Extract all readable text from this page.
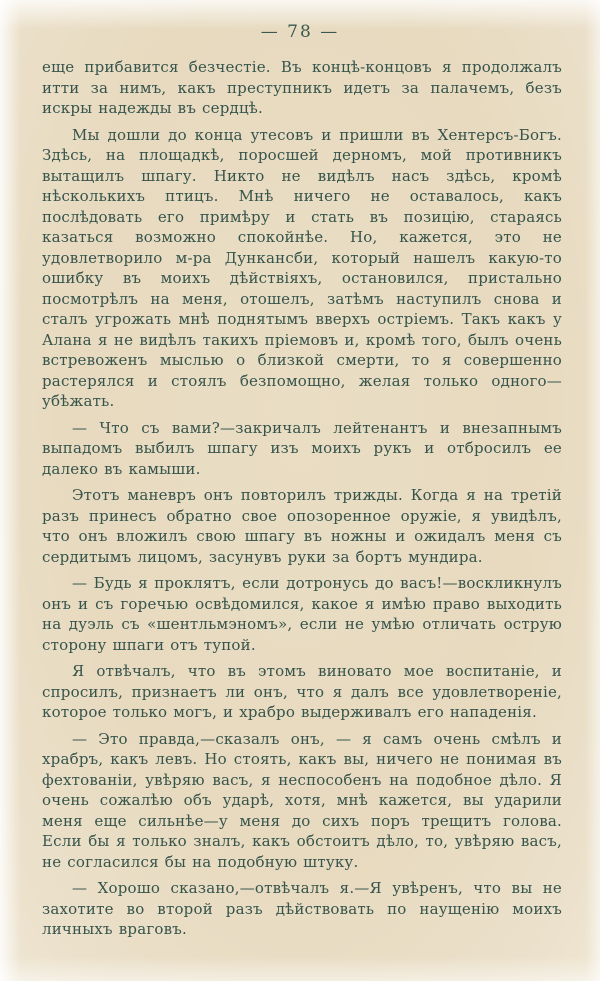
— 78 —

еще прибавится безчестіе. Въ концѣ-концовъ я продолжалъ итти за нимъ, какъ преступникъ идетъ за палачемъ, безъ искры надежды въ сердцѣ.

Мы дошли до конца утесовъ и пришли въ Хентерсъ-Богъ. Здѣсь, на площадкѣ, поросшей дерномъ, мой противникъ вытащилъ шпагу. Никто не видѣлъ насъ здѣсь, кромѣ нѣсколькихъ птицъ. Мнѣ ничего не оставалось, какъ послѣдовать его примѣру и стать въ позицію, стараясь казаться возможно спокойнѣе. Но, кажется, это не удовлетворило м-ра Дункансби, который нашелъ какую-то ошибку въ моихъ дѣйствіяхъ, остановился, пристально посмотрѣлъ на меня, отошелъ, затѣмъ наступилъ снова и сталъ угрожать мнѣ поднятымъ вверхъ остріемъ. Такъ какъ у Алана я не видѣлъ такихъ пріемовъ и, кромѣ того, былъ очень встревоженъ мыслью о близкой смерти, то я совершенно растерялся и стоялъ безпомощно, желая только одного—убѣжать.

— Что съ вами?—закричалъ лейтенантъ и внезапнымъ выпадомъ выбилъ шпагу изъ моихъ рукъ и отбросилъ ее далеко въ камыши.

Этотъ маневръ онъ повторилъ трижды. Когда я на третій разъ принесъ обратно свое опозоренное оружіе, я увидѣлъ, что онъ вложилъ свою шпагу въ ножны и ожидалъ меня съ сердитымъ лицомъ, засунувъ руки за бортъ мундира.

— Будь я проклятъ, если дотронусь до васъ!—воскликнулъ онъ и съ горечью освѣдомился, какое я имѣю право выходить на дуэль съ «шентльмэномъ», если не умѣю отличать острую сторону шпаги отъ тупой.

Я отвѣчалъ, что въ этомъ виновато мое воспитаніе, и спросилъ, признаетъ ли онъ, что я далъ все удовлетвореніе, которое только могъ, и храбро выдерживалъ его нападенія.

— Это правда,—сказалъ онъ, — я самъ очень смѣлъ и храбръ, какъ левъ. Но стоять, какъ вы, ничего не понимая въ фехтованіи, увѣряю васъ, я неспособенъ на подобное дѣло. Я очень сожалѣю объ ударѣ, хотя, мнѣ кажется, вы ударили меня еще сильнѣе—у меня до сихъ поръ трещитъ голова. Если бы я только зналъ, какъ обстоитъ дѣло, то, увѣряю васъ, не согласился бы на подобную штуку.

— Хорошо сказано,—отвѣчалъ я.—Я увѣренъ, что вы не захотите во второй разъ дѣйствовать по наущенію моихъ личныхъ враговъ.
